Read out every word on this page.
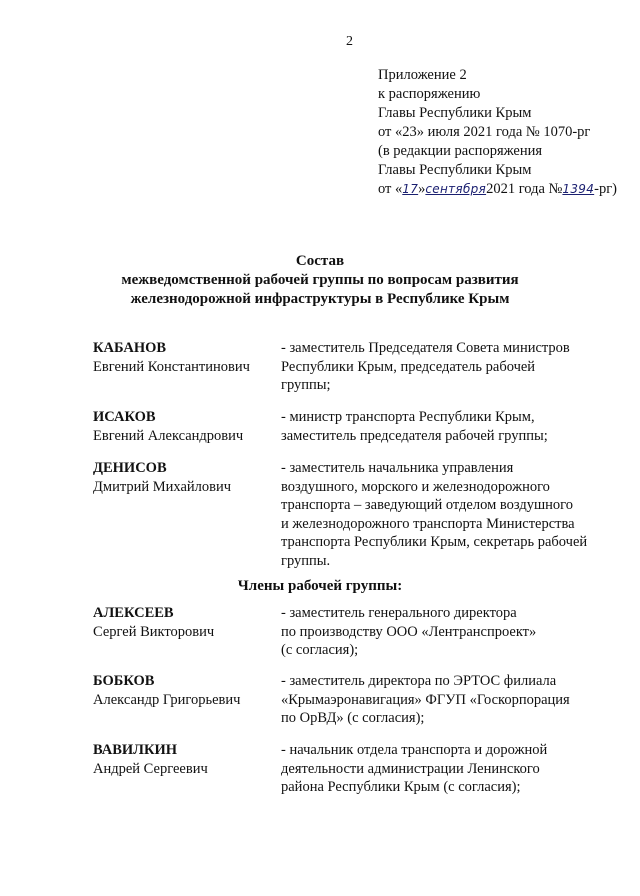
2
Приложение 2
к распоряжению
Главы Республики Крым
от «23» июля 2021 года № 1070-рг
(в редакции распоряжения
Главы Республики Крым
от «17»сентября2021 года №1394-рг)
Состав
межведомственной рабочей группы по вопросам развития
железнодорожной инфраструктуры в Республике Крым
КАБАНОВ
Евгений Константинович
- заместитель Председателя Совета министров
Республики Крым, председатель рабочей
группы;
ИСАКОВ
Евгений Александрович
- министр транспорта Республики Крым,
заместитель председателя рабочей группы;
ДЕНИСОВ
Дмитрий Михайлович
- заместитель начальника управления
воздушного, морского и железнодорожного
транспорта – заведующий отделом воздушного
и железнодорожного транспорта Министерства
транспорта Республики Крым, секретарь рабочей
группы.
Члены рабочей группы:
АЛЕКСЕЕВ
Сергей Викторович
- заместитель генерального директора
по производству ООО «Лентранспроект»
(с согласия);
БОБКОВ
Александр Григорьевич
- заместитель директора по ЭРТОС филиала
«Крымаэронавигация» ФГУП «Госкорпорация
по ОрВД» (с согласия);
ВАВИЛКИН
Андрей Сергеевич
- начальник отдела транспорта и дорожной
деятельности администрации Ленинского
района Республики Крым (с согласия);
